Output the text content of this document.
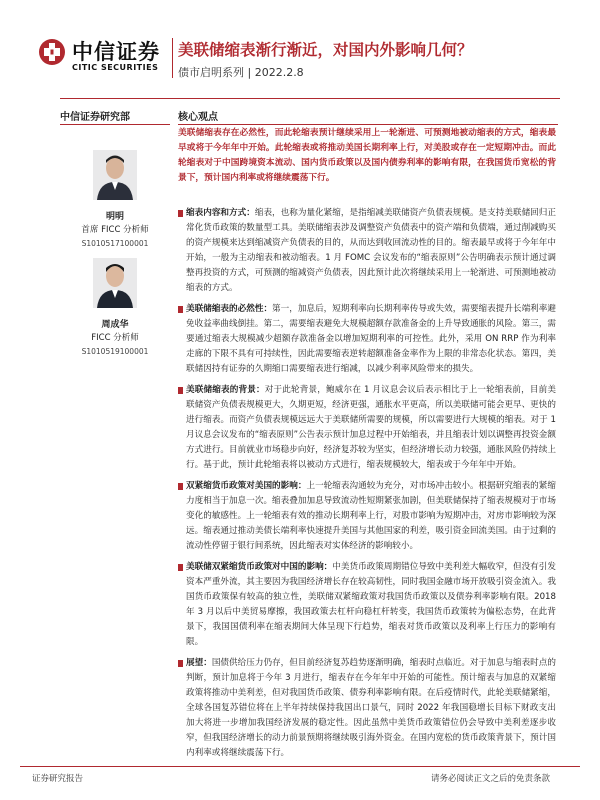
中信证券
CITIC SECURITIES
美联储缩表渐行渐近，对国内外影响几何？
债市启明系列 | 2022.2.8
中信证券研究部
明明
首席 FICC 分析师
S1010517100001
周成华
FICC 分析师
S1010519100001
核心观点
美联储缩表存在必然性，而此轮缩表预计继续采用上一轮渐进、可预测地被动缩表的方式，缩表最早或将于今年年中开始。此轮缩表或将推动美国长期利率上行，对美股或存在一定短期冲击。而此轮缩表对于中国跨境资本流动、国内货币政策以及国内债券利率的影响有限，在我国货币宽松的背景下，预计国内利率或将继续震荡下行。
缩表内容和方式：缩表，也称为量化紧缩，是指缩减美联储资产负债表规模。是支持美联储回归正常化货币政策的数量型工具。美联储缩表涉及调整资产负债表中的资产端和负债端，通过削减购买的资产规模来达到缩减资产负债表的目的，从而达到收回流动性的目的。缩表最早或将于今年年中开始，一般为主动缩表和被动缩表。1 月 FOMC 会议发布的“缩表原则”公告明确表示预计通过调整再投资的方式，可预测的缩减资产负债表，因此预计此次将继续采用上一轮渐进、可预测地被动缩表的方式。
美联储缩表的必然性：第一，加息后，短期利率向长期利率传导或失效，需要缩表提升长端利率避免收益率曲线倒挂。第二，需要缩表避免大规模超额存款准备金的上升导致通胀的风险。第三，需要通过缩表大规模减少超额存款准备金以增加短期利率的可控性。此外，采用 ON RRP 作为利率走廊的下限不具有可持续性，因此需要缩表逆转超额准备金率作为上限的非常态化状态。第四，美联储因持有证券的久期缩口需要缩表进行缩减，以减少利率风险带来的损失。
美联储缩表的背景：对于此轮背景，鲍威尔在 1 月议息会议后表示相比于上一轮缩表前，目前美联储资产负债表规模更大，久期更短，经济更强，通胀水平更高，所以美联储可能会更早、更快的进行缩表。而资产负债表规模远远大于美联储所需要的规模，所以需要进行大规模的缩表。对于 1 月议息会议发布的“缩表原则”公告表示预计加息过程中开始缩表，并且缩表计划以调整再投资金额方式进行。目前就业市场稳步向好，经济复苏较为坚实，但经济增长动力较强，通胀风险仍持续上行。基于此，预计此轮缩表将以被动方式进行，缩表规模较大，缩表或于今年年中开始。
双紧缩货币政策对美国的影响：上一轮缩表沟通较为充分，对市场冲击较小。根据研究缩表的紧缩力度相当于加息一次。缩表叠加加息导致流动性短期紧张加剧，但美联储保持了缩表规模对于市场变化的敏感性。上一轮缩表有效的推动长期利率上行，对股市影响为短期冲击，对房市影响较为深远。缩表通过推动美债长端利率快速提升美国与其他国家的利差，吸引资金回流美国。由于过剩的流动性停留于银行间系统，因此缩表对实体经济的影响较小。
美联储双紧缩货币政策对中国的影响：中美货币政策周期错位导致中美利差大幅收窄，但没有引发资本严重外流，其主要因为我国经济增长存在较高韧性，同时我国金融市场开放吸引资金流入。我国货币政策保有较高的独立性，美联储双紧缩政策对我国货币政策以及债券利率影响有限。2018 年 3 月以后中美贸易摩擦，我国政策去杠杆向稳杠杆转变，我国货币政策转为偏松态势，在此背景下，我国国债利率在缩表期间大体呈现下行趋势，缩表对货币政策以及利率上行压力的影响有限。
展望：国债供给压力仍存，但目前经济复苏趋势逐渐明确，缩表时点临近。对于加息与缩表时点的判断，预计加息将于今年 3 月进行，缩表存在今年年中开始的可能性。预计缩表与加息的双紧缩政策将推动中美利差，但对我国货币政策、债券利率影响有限。在后疫情时代，此轮美联储紧缩，全球各国复苏错位将在上半年持续保持我国出口景气，同时 2022 年我国稳增长目标下财政支出加大将进一步增加我国经济发展的稳定性。因此虽然中美货币政策错位仍会导致中美利差逐步收窄，但我国经济增长的动力前景预期将继续吸引海外资金。在国内宽松的货币政策背景下，预计国内利率或将继续震荡下行。
证券研究报告	请务必阅读正文之后的免责条款
